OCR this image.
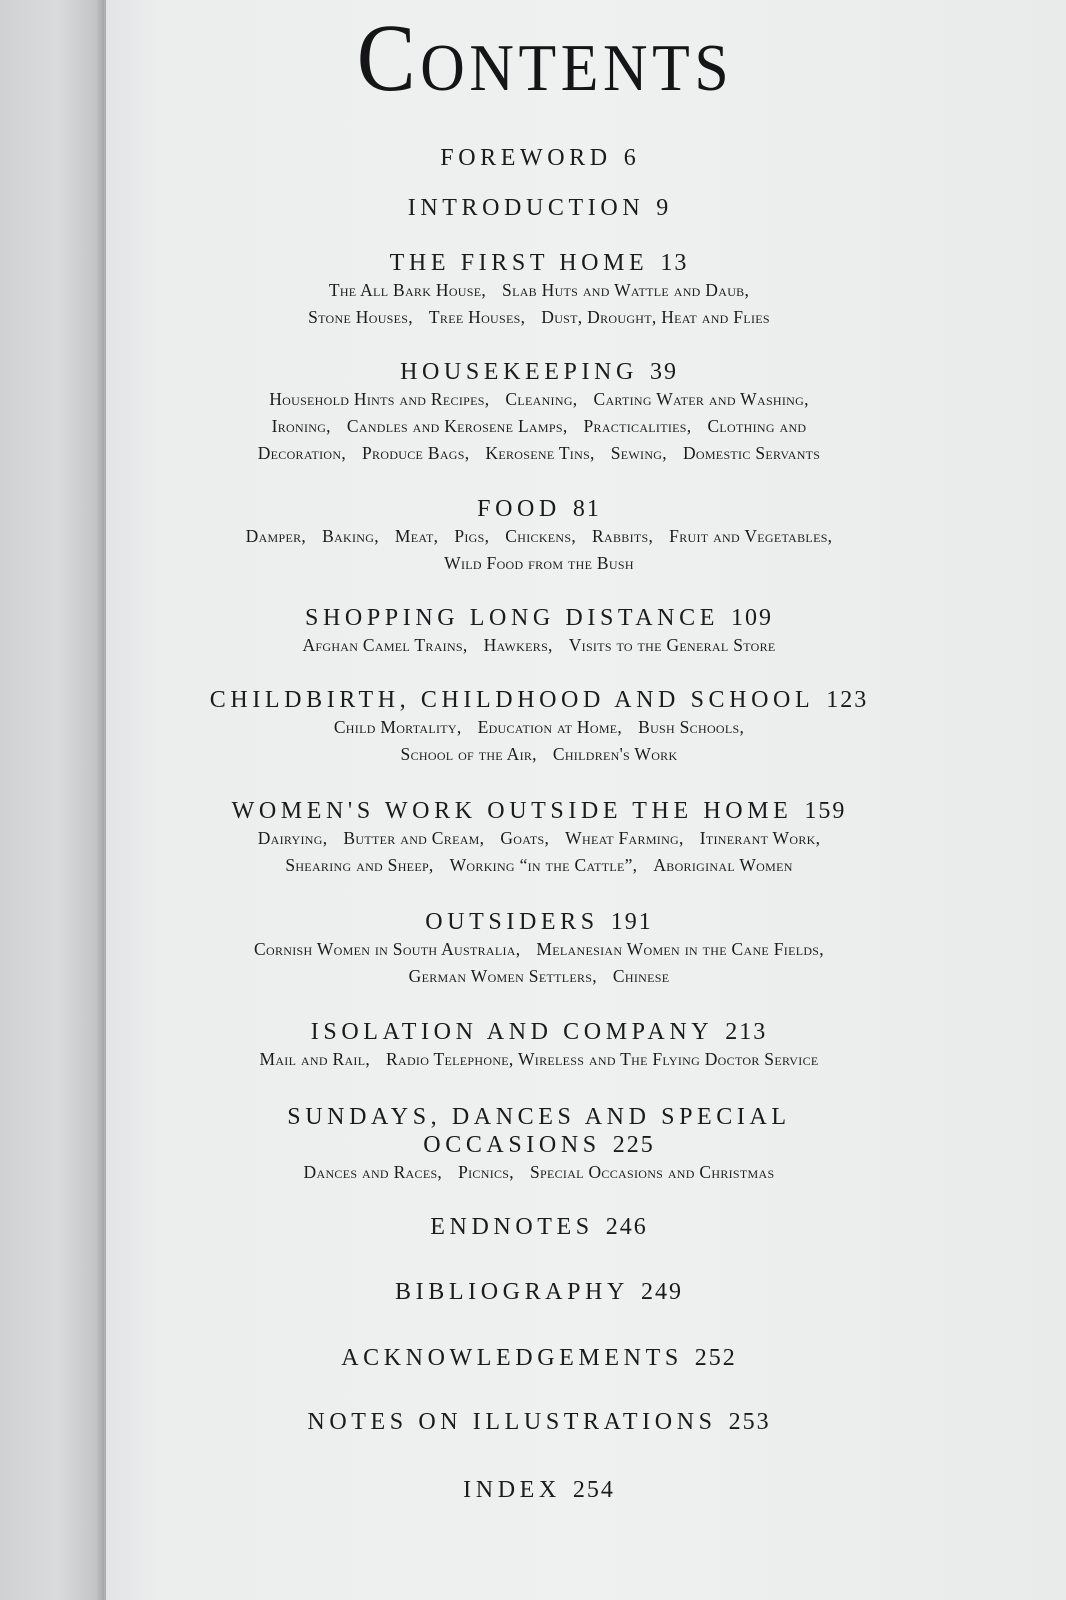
Contents

FOREWORD 6

INTRODUCTION 9

THE FIRST HOME 13

The All Bark House, Slab Huts and Wattle and Daub,
Stone Houses, Tree Houses, Dust, Drought, Heat and Flies

HOUSEKEEPING 39

Household Hints and Recipes, Cleaning, Carting Water and Washing,
Ironing, Candles and Kerosene Lamps, Practicalities, Clothing and
Decoration, Produce Bags, Kerosene Tins, Sewing, Domestic Servants

FOOD 81

Damper, Baking, Meat, Pigs, Chickens, Rabbits, Fruit and Vegetables,
Wild Food from the Bush

SHOPPING LONG DISTANCE 109

Afghan Camel Trains, Hawkers, Visits to the General Store

CHILDBIRTH, CHILDHOOD AND SCHOOL 123

Child Mortality, Education at Home, Bush Schools,
School of the Air, Children's Work

WOMEN'S WORK OUTSIDE THE HOME 159

Dairying, Butter and Cream, Goats, Wheat Farming, Itinerant Work,
Shearing and Sheep, Working “in the Cattle”, Aboriginal Women

OUTSIDERS 191

Cornish Women in South Australia, Melanesian Women in the Cane Fields,
German Women Settlers, Chinese

ISOLATION AND COMPANY 213

Mail and Rail, Radio Telephone, Wireless and The Flying Doctor Service

SUNDAYS, DANCES AND SPECIAL
OCCASIONS 225

Dances and Races, Picnics, Special Occasions and Christmas

ENDNOTES 246

BIBLIOGRAPHY 249

ACKNOWLEDGEMENTS 252

NOTES ON ILLUSTRATIONS 253

INDEX 254
